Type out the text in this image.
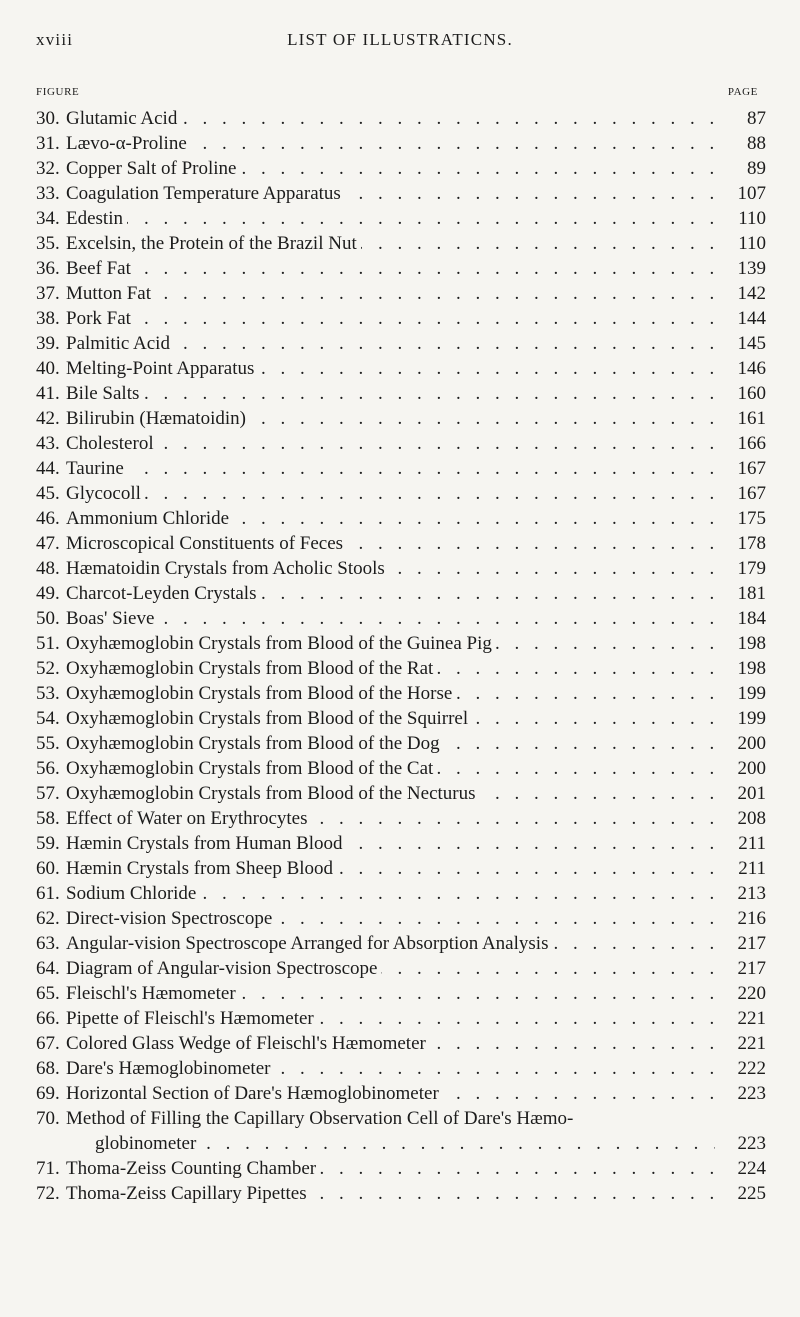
xviii	LIST OF ILLUSTRATICNS.
FIGURE	PAGE
30. Glutamic Acid . . .	87
31. Lævo-α-Proline . . .	88
32. Copper Salt of Proline . . .	89
33. Coagulation Temperature Apparatus . . .	107
34. Edestin . . .	110
35. Excelsin, the Protein of the Brazil Nut . . .	110
36. Beef Fat . . .	139
37. Mutton Fat . . .	142
38. Pork Fat . . .	144
39. Palmitic Acid . . .	145
40. Melting-Point Apparatus . . .	146
41. Bile Salts . . .	160
42. Bilirubin (Hæmatoidin) . . .	161
43. Cholesterol . . .	166
44. Taurine . . .	167
45. Glycocoll . . .	167
46. Ammonium Chloride . . .	175
47. Microscopical Constituents of Feces . . .	178
48. Hæmatoidin Crystals from Acholic Stools . . .	179
49. Charcot-Leyden Crystals . . .	181
50. Boas' Sieve . . .	184
51. Oxyhæmoglobin Crystals from Blood of the Guinea Pig . . .	198
52. Oxyhæmoglobin Crystals from Blood of the Rat . . .	198
53. Oxyhæmoglobin Crystals from Blood of the Horse . . .	199
54. Oxyhæmoglobin Crystals from Blood of the Squirrel . . .	199
55. Oxyhæmoglobin Crystals from Blood of the Dog . . .	200
56. Oxyhæmoglobin Crystals from Blood of the Cat . . .	200
57. Oxyhæmoglobin Crystals from Blood of the Necturus . . .	201
58. Effect of Water on Erythrocytes . . .	208
59. Hæmin Crystals from Human Blood . . .	211
60. Hæmin Crystals from Sheep Blood . . .	211
61. Sodium Chloride . . .	213
62. Direct-vision Spectroscope . . .	216
63. Angular-vision Spectroscope Arranged for Absorption Analysis . . .	217
64. Diagram of Angular-vision Spectroscope . . .	217
65. Fleischl's Hæmometer . . .	220
66. Pipette of Fleischl's Hæmometer . . .	221
67. Colored Glass Wedge of Fleischl's Hæmometer . . .	221
68. Dare's Hæmoglobinometer . . .	222
69. Horizontal Section of Dare's Hæmoglobinometer . . .	223
70. Method of Filling the Capillary Observation Cell of Dare's Hæmo-
globinometer . . .	223
71. Thoma-Zeiss Counting Chamber . . .	224
72. Thoma-Zeiss Capillary Pipettes . . .	225
